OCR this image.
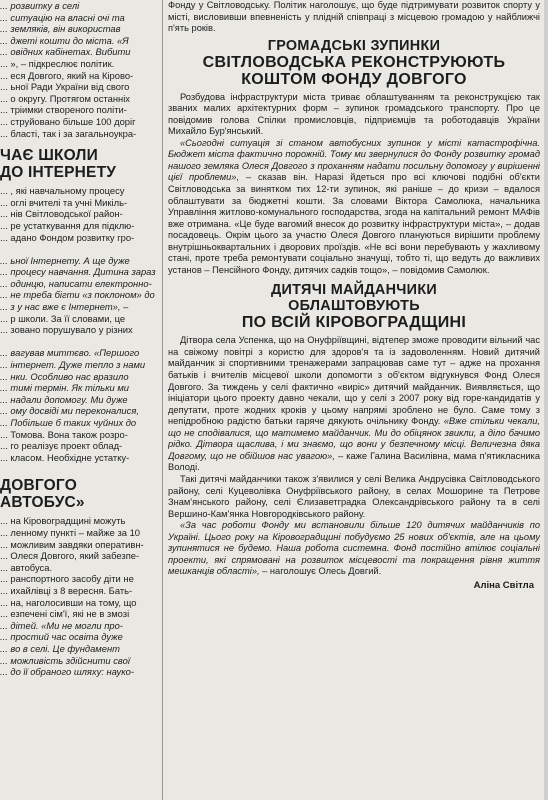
... розвитку в селі

... ситуацію на власні очі та

... земляків, він використав

... джеті кошти до міста. «Я

... овідних кабінетах. Вибити

... », – підкреслює політик.

... еся Довгого, який на Кірово-

... ьної Ради України від свого

... о округу. Протягом останніх

... тріимки створеного політи-

... струйовано більше 100 доріг

... бласті, так і за загальноукра-

ЧАЄ ШКОЛИ

ДО ІНТЕРНЕТУ

... , які навчальному процесу

... оглі вчителі та учні Микіль-

... нів Світловодської район-

... ре устаткування для підклю-

... адано Фондом розвитку гро-

... ьної Інтернету. А ще дуже

... процесу навчання. Дитина зараз

... одинцю, написати електронно-

... не треба бігти «з поклоном» до

... з у нас вже є Інтернет», –

... р школи. За її словами, це

... зовано порушувало у різних

... вагував миттєво. «Першого

... інтернет. Дуже тепло з нами

... нки. Особливо нас вразило

... тимі термін. Як тільки ми

... надали допомогу. Ми дуже

... ому досвіді ми переконалися,

... Побільше б таких чуйних до

... Томова. Вона також розро-

... го реалізує проект облад-

... класом. Необхідне устатку-

ДОВГОГО

АВТОБУС»

... на Кіровоградщині можуть

... ленному пункті – майже за 10

... можливим завдяки оперативн-

... Олеся Довгого, який забезпе-

... автобуса.

... ранспортного засобу діти не

... ихайлівці з 8 вересня. Бать-

... на, наголосивши на тому, що

... езпечені сім'ї, які не в змозі

... дітей. «Ми не могли про-

... простий час освіта дуже

... во в селі. Це фундамент

... можливість здійснити свої

... до її обраного шляху: науко-

Фонду у Світловодську. Політик наголошує, що буде підтримувати розвиток спорту у місті, висловивши впевненість у плідній співпраці з місцевою громадою у найближчі п'ять років.

ГРОМАДСЬКІ ЗУПИНКИ
СВІТЛОВОДСЬКА РЕКОНСТРУЮЮТЬ
КОШТОМ ФОНДУ ДОВГОГО

Розбудова інфраструктури міста триває облаштуванням та реконструкцією так званих малих архітектурних форм – зупинок громадського транспорту. Про це повідомив голова Спілки промисловців, підприємців та роботодавців України Михайло Бур'янський.

«Сьогодні ситуація зі станом автобусних зупинок у місті катастрофічна. Бюджет міста фактично порожній. Тому ми звернулися до Фонду розвитку громад нашого земляка Олеся Довгого з проханням надати посильну допомогу у вирішенні цієї проблеми», – сказав він. Наразі йдеться про всі ключові подібні об'єкти Світловодська за винятком тих 12-ти зупинок, які раніше – до кризи – вдалося облаштувати за бюджетні кошти. За словами Віктора Самолюка, начальника Управління житлово-комунального господарства, згода на капітальний ремонт МАФів вже отримана. «Це буде вагомий внесок до розвитку інфраструктури міста», – додав посадовець. Окрім цього за участю Олеся Довгого плануються вирішити проблему внутрішньоквартальних і дворових проїздів. «Не всі вони перебувають у жахливому стані, проте треба ремонтувати соціально значущі, тобто ті, що ведуть до важливих установ – Пенсійного Фонду, дитячих садків тощо», – повідомив Самолюк.

ДИТЯЧІ МАЙДАНЧИКИ
ОБЛАШТОВУЮТЬ
ПО ВСІЙ КІРОВОГРАДЩИНІ

Дітвора села Успенка, що на Онуфріївщині, відтепер зможе проводити вільний час на свіжому повітрі з користю для здоров'я та із задоволенням. Новий дитячий майданчик зі спортивними тренажерами запрацював саме тут – адже на прохання батьків і вчителів місцевої школи допомогти з об'єктом відгукнувся Фонд Олеся Довгого. За тиждень у селі фактично «виріс» дитячий майданчик. Виявляється, що ініціатори цього проекту давно чекали, що у селі з 2007 року від горе-кандидатів у депутати, проте жодних кроків у цьому напрямі зроблено не було. Саме тому з непідробною радістю батьки гаряче дякують очільнику Фонду. «Вже стільки чекали, що не сподівалися, що матимемо майданчик. Ми до обіцянок звикли, а діло бачимо рідко. Дітвора щаслива, і ми знаємо, що вони у безпечному місці. Величезна дяка Довгому, що не обійшов нас увагою», – каже Галина Василівна, мама п'ятикласника Володі.

Такі дитячі майданчики також з'явилися у селі Велика Андрусівка Світловодського району, селі Куцеволівка Онуфріївського району, в селах Мошорине та Петрове Знам'янського району, селі Єлизаветградка Олександрівського району та в селі Вершино-Кам'янка Новгородківського району.

«За час роботи Фонду ми встановили більше 120 дитячих майданчиків по Україні. Цього року на Кіровоградщині побудуємо 25 нових об'єктів, але на цьому зупинятися не будемо. Наша робота системна. Фонд постійно втілює соціальні проекти, які спрямовані на розвиток місцевості та покращення рівня життя мешканців області», – наголошує Олесь Довгий.

Аліна Світла
